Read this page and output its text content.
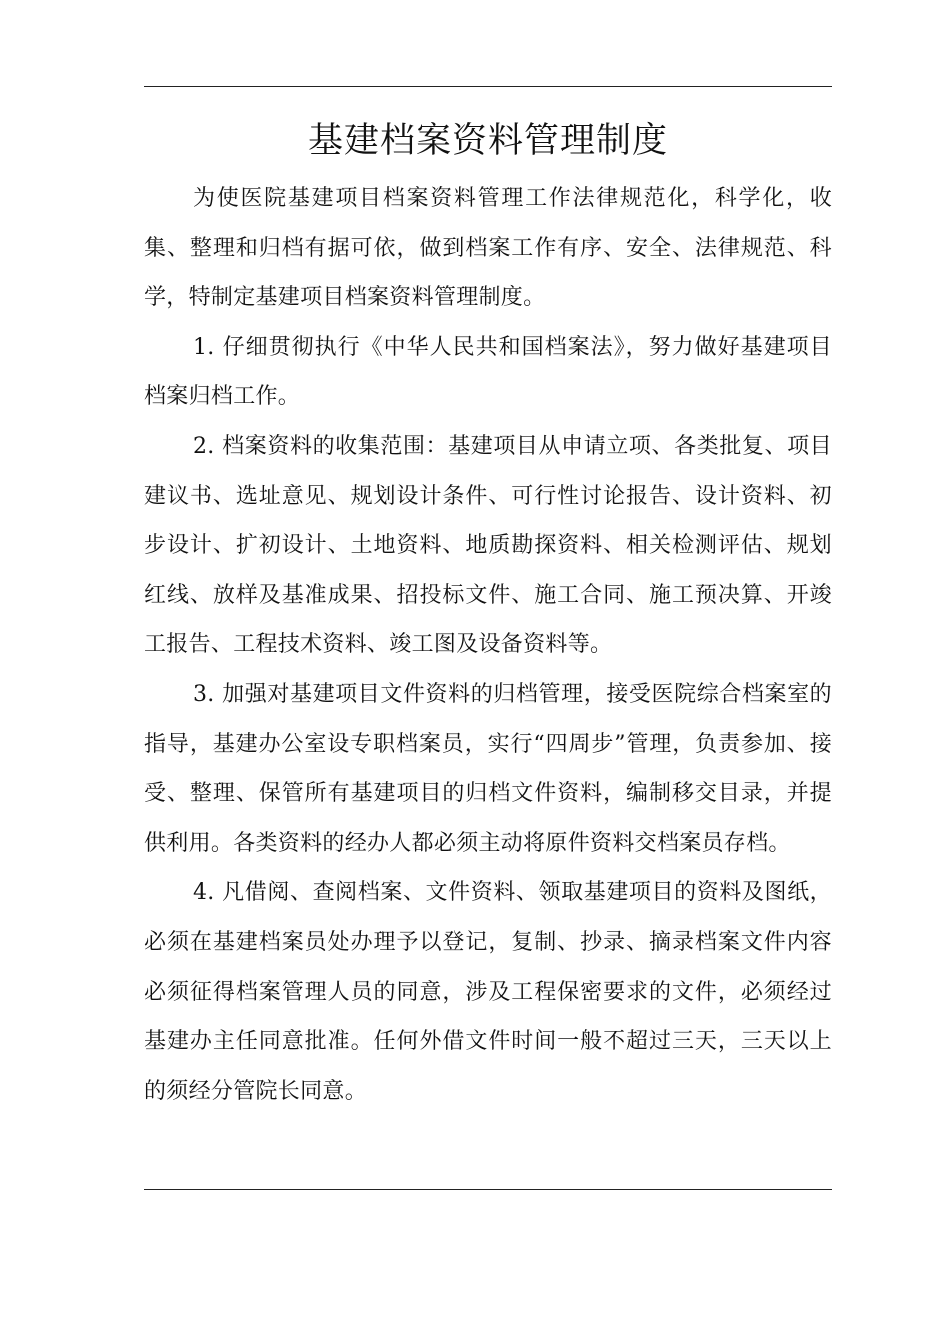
基建档案资料管理制度

为使医院基建项目档案资料管理工作法律规范化，科学化，收集、整理和归档有据可依，做到档案工作有序、安全、法律规范、科学，特制定基建项目档案资料管理制度。

1. 仔细贯彻执行《中华人民共和国档案法》，努力做好基建项目档案归档工作。

2. 档案资料的收集范围：基建项目从申请立项、各类批复、项目建议书、选址意见、规划设计条件、可行性讨论报告、设计资料、初步设计、扩初设计、土地资料、地质勘探资料、相关检测评估、规划红线、放样及基准成果、招投标文件、施工合同、施工预决算、开竣工报告、工程技术资料、竣工图及设备资料等。

3. 加强对基建项目文件资料的归档管理，接受医院综合档案室的指导，基建办公室设专职档案员，实行“四周步”管理，负责参加、接受、整理、保管所有基建项目的归档文件资料，编制移交目录，并提供利用。各类资料的经办人都必须主动将原件资料交档案员存档。

4. 凡借阅、查阅档案、文件资料、领取基建项目的资料及图纸，必须在基建档案员处办理予以登记，复制、抄录、摘录档案文件内容必须征得档案管理人员的同意，涉及工程保密要求的文件，必须经过基建办主任同意批准。任何外借文件时间一般不超过三天，三天以上的须经分管院长同意。
